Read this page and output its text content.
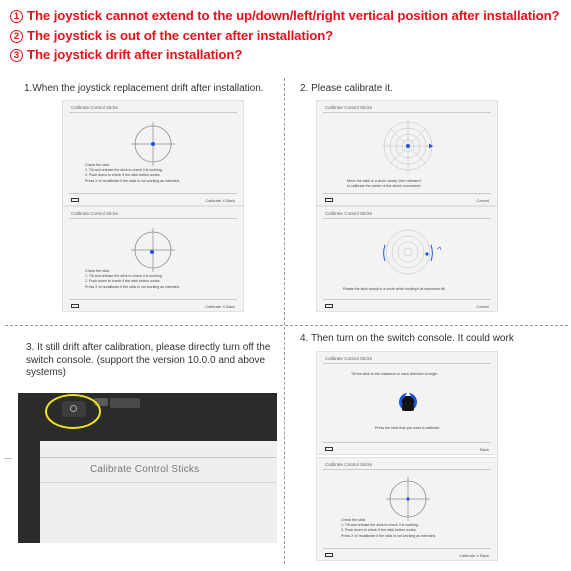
1 The joystick cannot extend to the up/down/left/right vertical position after installation?
2 The joystick is out of the center after installation?
3 The joystick drift after installation?
1.When the joystick replacement drift after installation.	2. Please calibrate it.
3. It still drift after calibration, please directly turn off the switch console. (support the version 10.0.0 and above systems)
4. Then turn on the switch console. It could work
Calibrate Control Sticks
Check the stick
1. Tilt and release the stick to check it is working.
2. Push down to check if the stick button works.
Press X to recalibrate if the stick is not working as intended.
Calibrate X Back
Calibrate Control Sticks
Check the stick
1. Tilt and release the stick to check it is working.
2. Push down to check if the stick button works.
Press X to recalibrate if the stick is not working as intended.
Calibrate X Back
Calibrate Control Sticks
Move the stick in a circle slowly, then release it
to calibrate the center of the stick's movement.
Cancel
Calibrate Control Sticks
Rotate the stick slowly in a circle while holding it at maximum tilt.
Cancel
Calibrate Control Sticks
Tilt the stick to the maximum in each direction to begin.
Press the stick that you want to calibrate.
Back
Calibrate Control Sticks
Check the stick
1. Tilt and release the stick to check it is working.
2. Push down to check if the stick button works.
Press X to recalibrate if the stick is not working as intended.
Calibrate X Back
Calibrate Control Sticks
